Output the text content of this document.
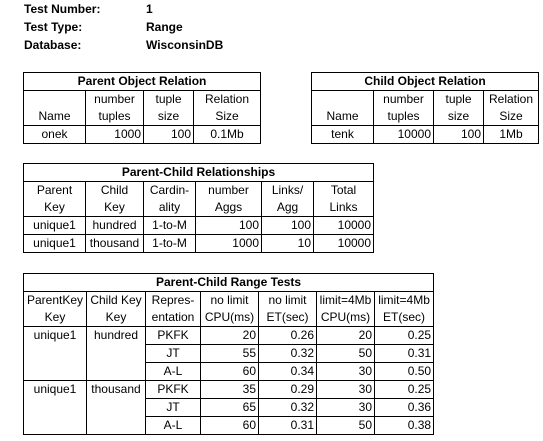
Test Number:	1
Test Type:	Range
Database:	WisconsinDB
Parent Object Relation			
	number	tuple	Relation
Name	tuples	size	Size
onek	1000	100	0.1Mb
Child Object Relation			
	number	tuple	Relation
Name	tuples	size	Size
tenk	10000	100	1Mb
Parent-Child Relationships					
Parent	Child	Cardin-	number	Links/	Total
Key	Key	ality	Aggs	Agg	Links
unique1	hundred	1-to-M	100	100	10000
unique1	thousand	1-to-M	1000	10	10000
Parent-Child Range Tests						
ParentKey	Child Key	Repres-	no limit	no limit	limit=4Mb	limit=4Mb
Key	Key	entation	CPU(ms)	ET(sec)	CPU(ms)	ET(sec)
unique1	hundred	PKFK	20	0.26	20	0.25
		JT	55	0.32	50	0.31
		A-L	60	0.34	30	0.50
unique1	thousand	PKFK	35	0.29	30	0.25
		JT	65	0.32	30	0.36
		A-L	60	0.31	50	0.38
